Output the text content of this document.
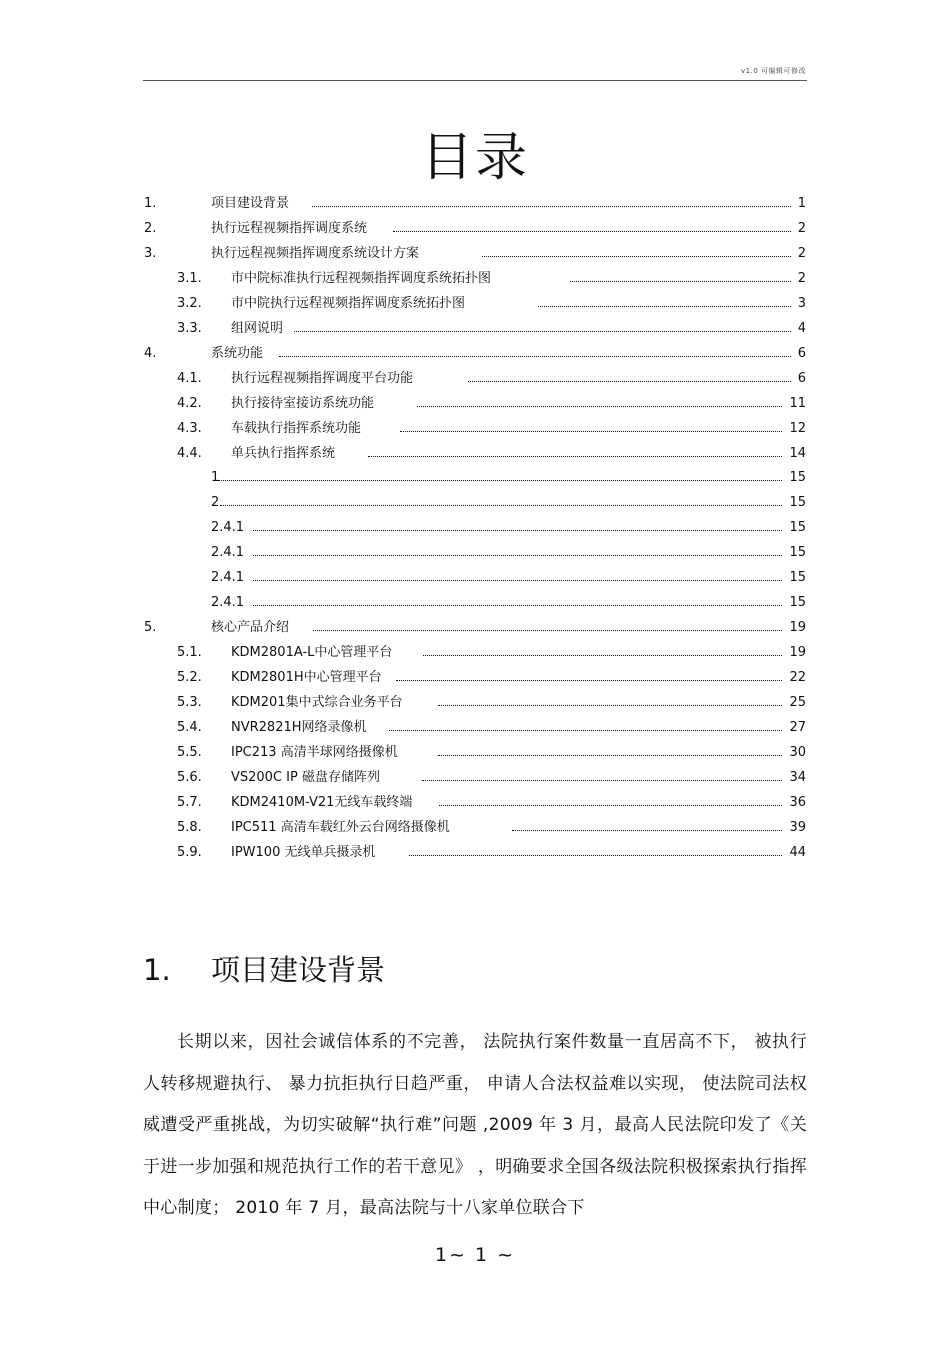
v1.0 可编辑可修改
目录
1.	项目建设背景	1
2.	执行远程视频指挥调度系统	2
3.	执行远程视频指挥调度系统设计方案	2
3.1. 市中院标准执行远程视频指挥调度系统拓扑图	2
3.2. 市中院执行远程视频指挥调度系统拓扑图	3
3.3. 组网说明	4
4.	系统功能	6
4.1. 执行远程视频指挥调度平台功能	6
4.2. 执行接待室接访系统功能	11
4.3. 车载执行指挥系统功能	12
4.4. 单兵执行指挥系统	14
1	15
2	15
2.4.1	15
2.4.1	15
2.4.1	15
2.4.1	15
5.	核心产品介绍	19
5.1. KDM2801A-L中心管理平台	19
5.2. KDM2801H中心管理平台	22
5.3. KDM201集中式综合业务平台	25
5.4. NVR2821H网络录像机	27
5.5. IPC213 高清半球网络摄像机	30
5.6. VS200C IP 磁盘存储阵列	34
5.7. KDM2410M-V21无线车载终端	36
5.8. IPC511 高清车载红外云台网络摄像机	39
5.9. IPW100 无线单兵摄录机	44
1. 项目建设背景
长期以来，因社会诚信体系的不完善， 法院执行案件数量一直居高不下， 被执行人转移规避执行、 暴力抗拒执行日趋严重， 申请人合法权益难以实现， 使法院司法权威遭受严重挑战，为切实破解“执行难”问题 ,2009 年 3 月，最高人民法院印发了《关于进一步加强和规范执行工作的若干意见》 ，明确要求全国各级法院积极探索执行指挥中心制度； 2010 年 7 月，最高法院与十八家单位联合下
1~ 1 ~
